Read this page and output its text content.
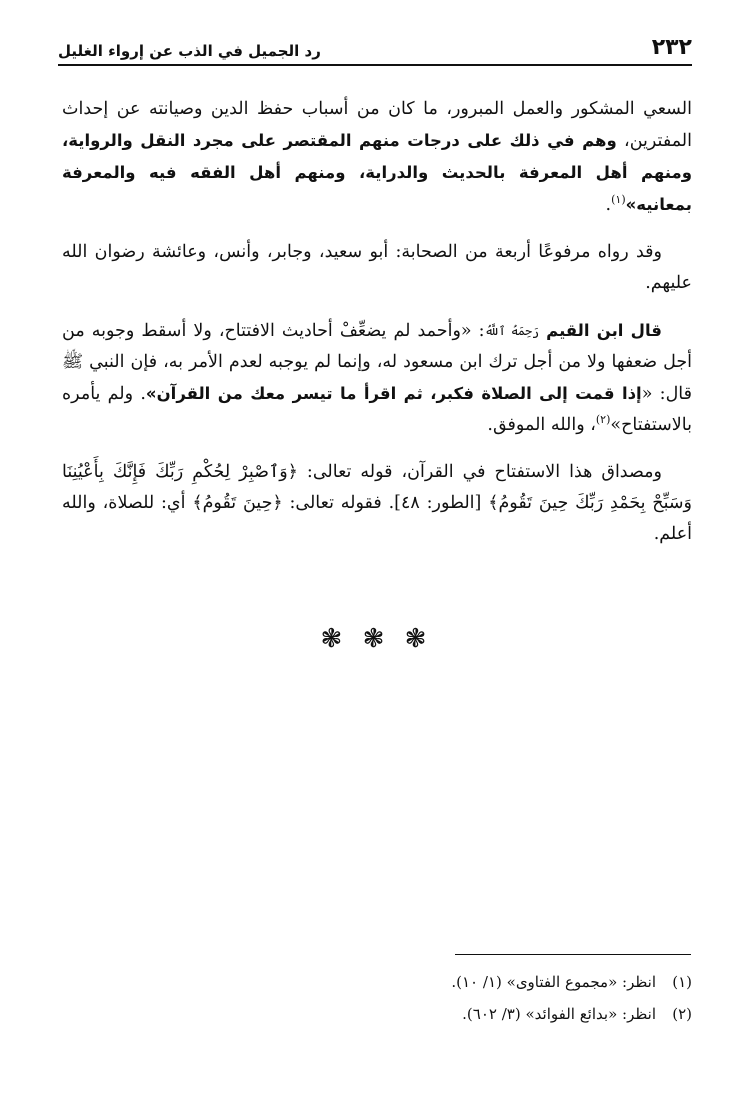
٢٣٢
رد الجميل في الذب عن إرواء الغليل

السعي المشكور والعمل المبرور، ما كان من أسباب حفظ الدين وصيانته عن إحداث المفترين، وهم في ذلك على درجات منهم المقتصر على مجرد النقل والرواية، ومنهم أهل المعرفة بالحديث والدراية، ومنهم أهل الفقه فيه والمعرفة بمعانيه»$^{(١)}$.

وقد رواه مرفوعًا أربعة من الصحابة: أبو سعيد، وجابر، وأنس، وعائشة رضوان الله عليهم.

قال ابن القيم رَحِمَهُ ٱللَّهُ: «وأحمد لم يضعِّفْ أحاديث الافتتاح، ولا أسقط وجوبه من أجل ضعفها ولا من أجل ترك ابن مسعود له، وإنما لم يوجبه لعدم الأمر به، فإن النبي ﷺ قال: «إذا قمت إلى الصلاة فكبر، ثم اقرأ ما تيسر معك من القرآن». ولم يأمره بالاستفتاح»$^{(٢)}$، والله الموفق.

ومصداق هذا الاستفتاح في القرآن، قوله تعالى: ﴿وَٱصْبِرْ لِحُكْمِ رَبِّكَ فَإِنَّكَ بِأَعْيُنِنَا وَسَبِّحْ بِحَمْدِ رَبِّكَ حِينَ تَقُومُ﴾ [الطور: ٤٨]. فقوله تعالى: ﴿حِينَ تَقُومُ﴾ أي: للصلاة، والله أعلم.

❃ ❃ ❃
(١)
انظر: «مجموع الفتاوى» (١/ ١٠).
(٢)
انظر: «بدائع الفوائد» (٣/ ٦٠٢).
